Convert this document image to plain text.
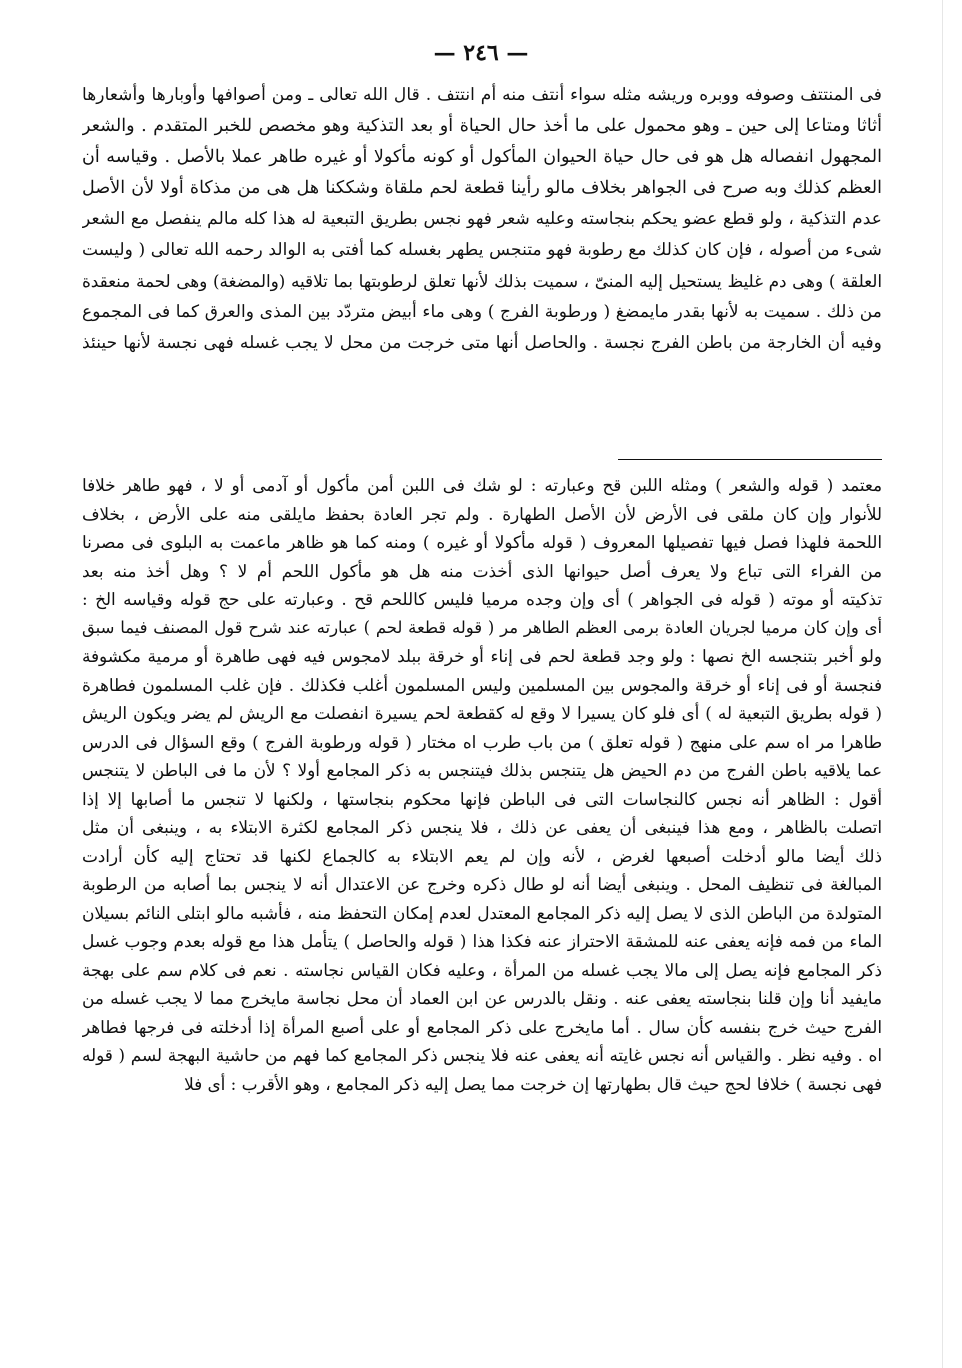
— ٢٤٦ —
فى المنتتف وصوفه ووبره وريشه مثله سواء أنتف منه أم انتتف . قال الله تعالى ـ ومن أصوافها وأوبارها وأشعارها
أثاثا ومتاعا إلى حين ـ وهو محمول على ما أخذ حال الحياة أو بعد التذكية وهو مخصص للخبر المتقدم . والشعر
المجهول انفصاله هل هو فى حال حياة الحيوان المأكول أو كونه مأكولا أو غيره طاهر عملا بالأصل . وقياسه أن
العظم كذلك وبه صرح فى الجواهر بخلاف مالو رأينا قطعة لحم ملقاة وشككنا هل هى من مذكاة أولا لأن الأصل
عدم التذكية ، ولو قطع عضو يحكم بنجاسته وعليه شعر فهو نجس بطريق التبعية له هذا كله مالم ينفصل مع الشعر
شىء من أصوله ، فإن كان كذلك مع رطوبة فهو متنجس يطهر بغسله كما أفتى به الوالد رحمه الله تعالى ( وليست
العلقة ) وهى دم غليظ يستحيل إليه المنىّ ، سميت بذلك لأنها تعلق لرطوبتها بما تلاقيه (والمضغة) وهى لحمة منعقدة
من ذلك . سميت به لأنها بقدر مايمضغ ( ورطوبة الفرج ) وهى ماء أبيض متردّد بين المذى والعرق كما فى المجموع
وفيه أن الخارجة من باطن الفرج نجسة . والحاصل أنها متى خرجت من محل لا يجب غسله فهى نجسة لأنها حينئذ
معتمد ( قوله والشعر ) ومثله اللبن قح وعبارته : لو شك فى اللبن أمن مأكول أو آدمى أو لا ، فهو طاهر خلافا
للأنوار وإن كان ملقى فى الأرض لأن الأصل الطهارة . ولم تجر العادة بحفظ مايلقى منه على الأرض ، بخلاف
اللحمة فلهذا فصل فيها تفصيلها المعروف ( قوله مأكولا أو غيره ) ومنه كما هو ظاهر ماعمت به البلوى فى مصرنا
من الفراء التى تباع ولا يعرف أصل حيوانها الذى أخذت منه هل هو مأكول اللحم أم لا ؟ وهل أخذ منه بعد
تذكيته أو موته ( قوله فى الجواهر ) أى وإن وجده مرميا فليس كاللحم قح . وعبارته على حج قوله وقياسه الخ :
أى وإن كان مرميا لجريان العادة برمى العظم الطاهر مر ( قوله قطعة لحم ) عبارته عند شرح قول المصنف فيما سبق
ولو أخبر بتنجسه الخ نصها : ولو وجد قطعة لحم فى إناء أو خرقة ببلد لامجوس فيه فهى طاهرة أو مرمية مكشوفة
فنجسة أو فى إناء أو خرقة والمجوس بين المسلمين وليس المسلمون أغلب فكذلك . فإن غلب المسلمون فطاهرة
( قوله بطريق التبعية له ) أى فلو كان يسيرا لا وقع له كقطعة لحم يسيرة انفصلت مع الريش لم يضر ويكون الريش
طاهرا مر اه سم على منهج ( قوله تعلق ) من باب طرب اه مختار ( قوله ورطوبة الفرج ) وقع السؤال فى الدرس
عما يلاقيه باطن الفرج من دم الحيض هل يتنجس بذلك فيتنجس به ذكر المجامع أولا ؟ لأن ما فى الباطن لا يتنجس
أقول : الظاهر أنه نجس كالنجاسات التى فى الباطن فإنها محكوم بنجاستها ، ولكنها لا تنجس ما أصابها إلا إذا
اتصلت بالظاهر ، ومع هذا فينبغى أن يعفى عن ذلك ، فلا ينجس ذكر المجامع لكثرة الابتلاء به ، وينبغى أن مثل
ذلك أيضا مالو أدخلت أصبعها لغرض ، لأنه وإن لم يعم الابتلاء به كالجماع لكنها قد تحتاج إليه كأن أرادت
المبالغة فى تنظيف المحل . وينبغى أيضا أنه لو طال ذكره وخرج عن الاعتدال أنه لا ينجس بما أصابه من الرطوبة
المتولدة من الباطن الذى لا يصل إليه ذكر المجامع المعتدل لعدم إمكان التحفظ منه ، فأشبه مالو ابتلى النائم بسيلان
الماء من فمه فإنه يعفى عنه للمشقة الاحتراز عنه فكذا هذا ( قوله والحاصل ) يتأمل هذا مع قوله بعدم وجوب غسل
ذكر المجامع فإنه يصل إلى مالا يجب غسله من المرأة ، وعليه فكان القياس نجاسته . نعم فى كلام سم على بهجة
مايفيد أنا وإن قلنا بنجاسته يعفى عنه . ونقل بالدرس عن ابن العماد أن محل نجاسة مايخرج مما لا يجب غسله من
الفرج حيث خرج بنفسه كأن سال . أما مايخرج على ذكر المجامع أو على أصبع المرأة إذا أدخلته فى فرجها فطاهر
اه . وفيه نظر . والقياس أنه نجس غايته أنه يعفى عنه فلا ينجس ذكر المجامع كما فهم من حاشية البهجة لسم ( قوله
فهى نجسة ) خلافا لحج حيث قال بطهارتها إن خرجت مما يصل إليه ذكر المجامع ، وهو الأقرب : أى فلا
